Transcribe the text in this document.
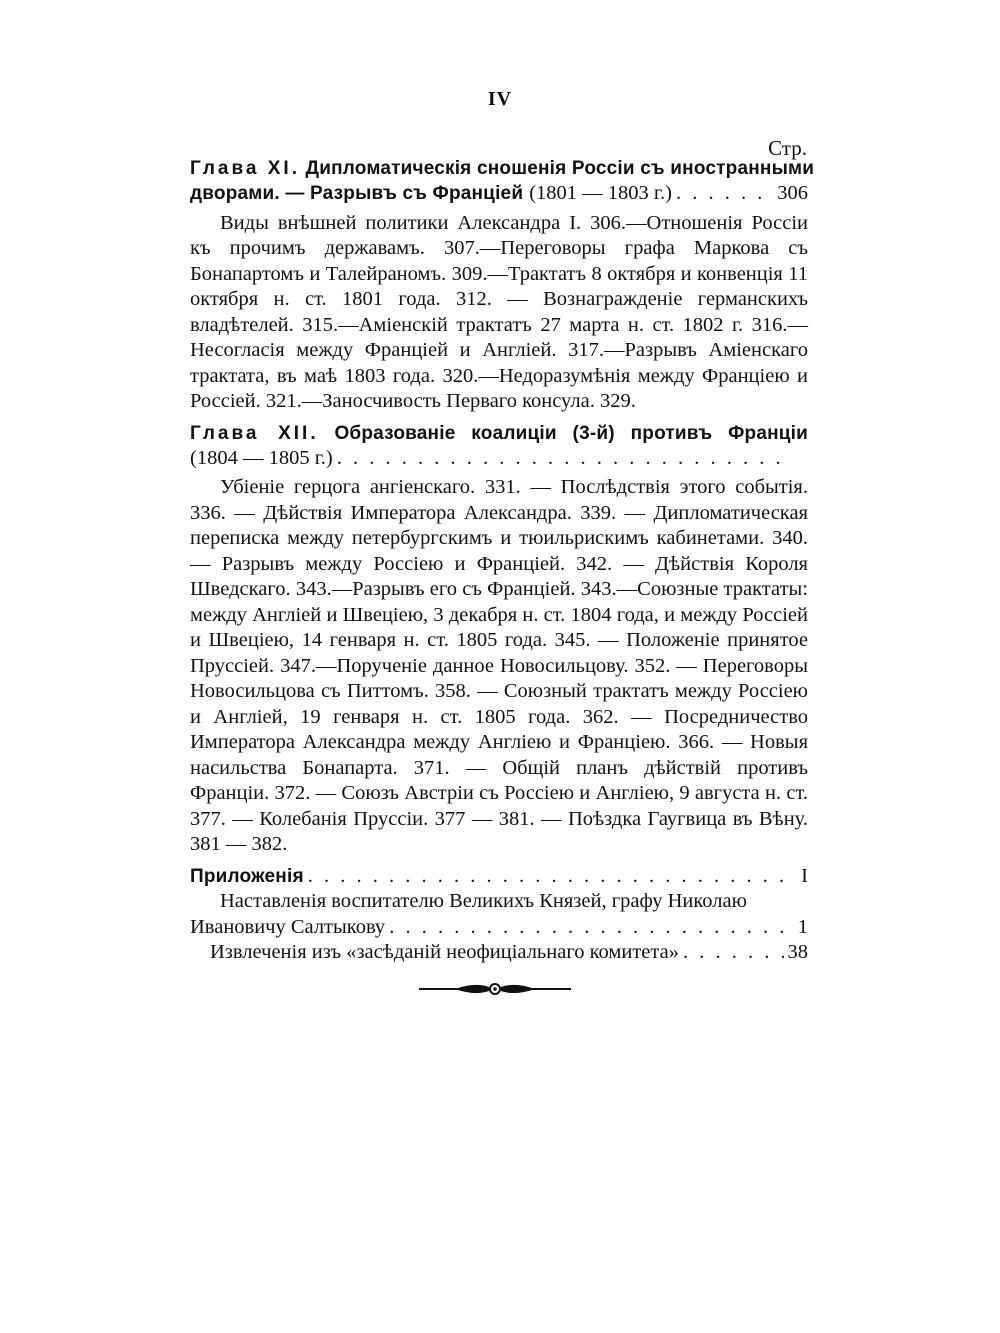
IV
Стр.
Глава XI. Дипломатическія сношенія Россіи съ иностранными
дворами. — Разрывъ съ Франціей (1801 — 1803 г.) . . .	306

Виды внѣшней политики Александра I. 306.—Отношенія Россіи къ прочимъ державамъ. 307.—Переговоры графа Маркова съ Бонапартомъ и Талейраномъ. 309.—Трактатъ 8 октября и конвенція 11 октября н. ст. 1801 года. 312. — Вознагражденіе германскихъ владѣтелей. 315.—Аміенскій трактатъ 27 марта н. ст. 1802 г. 316.—Несогласія между Франціей и Англіей. 317.—Разрывъ Аміенскаго трактата, въ маѣ 1803 года. 320.—Недоразумѣнія между Франціею и Россіей. 321.—Заносчивость Перваго консула. 329.

Глава XII. Образованіе коалиціи (3-й) противъ Франціи
(1804 — 1805 г.)
. . .

Убіеніе герцога ангіенскаго. 331. — Послѣдствія этого событія. 336. — Дѣйствія Императора Александра. 339. — Дипломатическая переписка между петербургскимъ и тюильрискимъ кабинетами. 340. — Разрывъ между Россіею и Франціей. 342. — Дѣйствія Короля Шведскаго. 343.—Разрывъ его съ Франціей. 343.—Союзные трактаты: между Англіей и Швеціею, 3 декабря н. ст. 1804 года, и между Россіей и Швеціею, 14 генваря н. ст. 1805 года. 345. — Положеніе принятое Пруссіей. 347.—Порученіе данное Новосильцову. 352. — Переговоры Новосильцова съ Питтомъ. 358. — Союзный трактатъ между Россіею и Англіей, 19 генваря н. ст. 1805 года. 362. — Посредничество Императора Александра между Англіею и Франціею. 366. — Новыя насильства Бонапарта. 371. — Общій планъ дѣйствій противъ Франціи. 372. — Союзъ Австріи съ Россіею и Англіею, 9 августа н. ст. 377. — Колебанія Пруссіи. 377 — 381. — Поѣздка Гаугвица въ Вѣну. 381 — 382.

Приложенія . . .	I
Наставленія воспитателю Великихъ Князей, графу Николаю
Ивановичу Салтыкову . . .	1
Извлеченія изъ «засѣданій неофиціальнаго комитета» . . .	38
